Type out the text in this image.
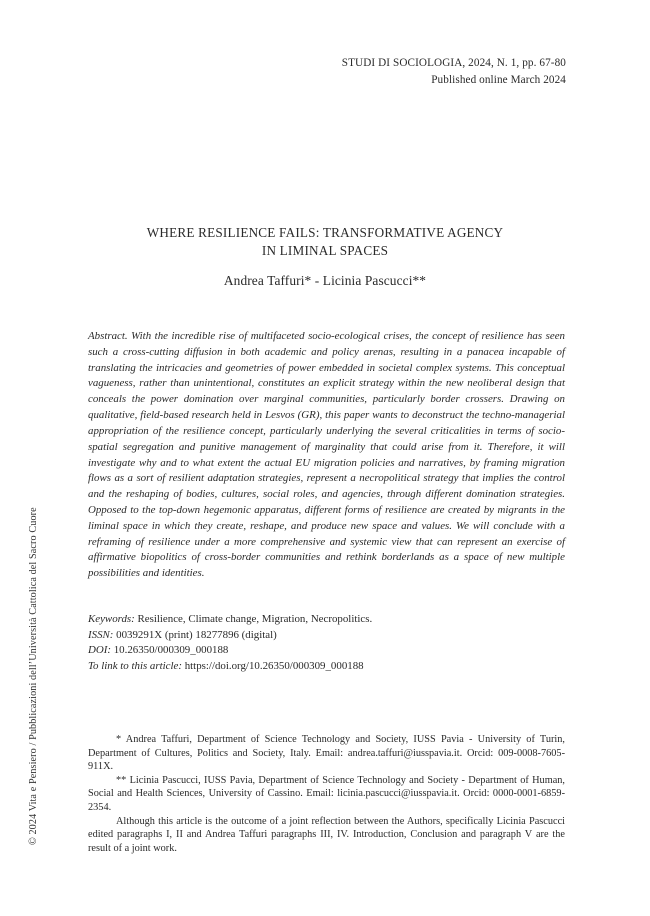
STUDI DI SOCIOLOGIA, 2024, N. 1, pp. 67-80
Published online March 2024
WHERE RESILIENCE FAILS: TRANSFORMATIVE AGENCY
IN LIMINAL SPACES
Andrea Taffuri* - Licinia Pascucci**
Abstract. With the incredible rise of multifaceted socio-ecological crises, the concept of resilience has seen such a cross-cutting diffusion in both academic and policy arenas, resulting in a panacea incapable of translating the intricacies and geometries of power embedded in societal complex systems. This conceptual vagueness, rather than unintentional, constitutes an explicit strategy within the new neoliberal design that conceals the power domination over marginal communities, particularly border crossers. Drawing on qualitative, field-based research held in Lesvos (GR), this paper wants to deconstruct the techno-managerial appropriation of the resilience concept, particularly underlying the several criticalities in terms of socio-spatial segregation and punitive management of marginality that could arise from it. Therefore, it will investigate why and to what extent the actual EU migration policies and narratives, by framing migration flows as a sort of resilient adaptation strategies, represent a necropolitical strategy that implies the control and the reshaping of bodies, cultures, social roles, and agencies, through different domination strategies. Opposed to the top-down hegemonic apparatus, different forms of resilience are created by migrants in the liminal space in which they create, reshape, and produce new space and values. We will conclude with a reframing of resilience under a more comprehensive and systemic view that can represent an exercise of affirmative biopolitics of cross-border communities and rethink borderlands as a space of new multiple possibilities and identities.
Keywords: Resilience, Climate change, Migration, Necropolitics.
ISSN: 0039291X (print) 18277896 (digital)
DOI: 10.26350/000309_000188
To link to this article: https://doi.org/10.26350/000309_000188

* Andrea Taffuri, Department of Science Technology and Society, IUSS Pavia - University of Turin, Department of Cultures, Politics and Society, Italy. Email: andrea.taffuri@iusspavia.it. Orcid: 009-0008-7605-911X.

** Licinia Pascucci, IUSS Pavia, Department of Science Technology and Society - Department of Human, Social and Health Sciences, University of Cassino. Email: licinia.pascucci@iusspavia.it. Orcid: 0000-0001-6859-2354.

Although this article is the outcome of a joint reflection between the Authors, specifically Licinia Pascucci edited paragraphs I, II and Andrea Taffuri paragraphs III, IV. Introduction, Conclusion and paragraph V are the result of a joint work.

© 2024 Vita e Pensiero / Pubblicazioni dell’Università Cattolica del Sacro Cuore
